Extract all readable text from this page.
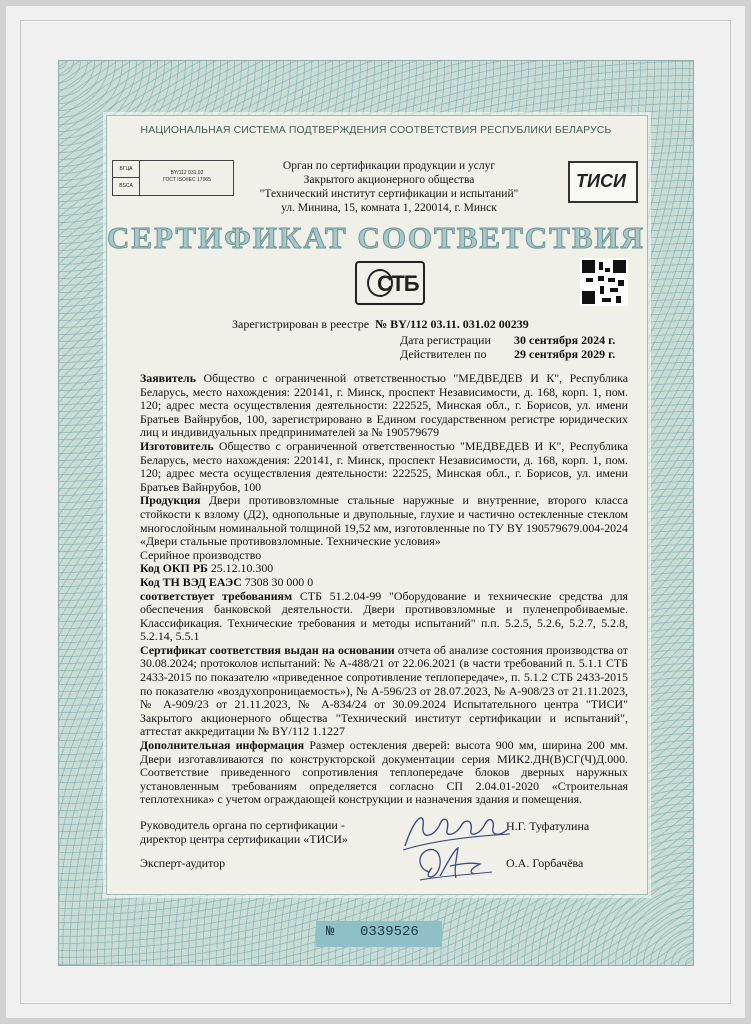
НАЦИОНАЛЬНАЯ СИСТЕМА ПОДТВЕРЖДЕНИЯ СООТВЕТСТВИЯ РЕСПУБЛИКИ БЕЛАРУСЬ
БГЦА
BSCA
BY/112 031.02
ГОСТ ISO/IEC 17065
Орган по сертификации продукции и услуг
Закрытого акционерного общества
"Технический институт сертификации и испытаний"
ул. Минина, 15, комната 1, 220014, г. Минск
ТИСИ
СЕРТИФИКАТ СООТВЕТСТВИЯ
СТБ
Зарегистрирован в реестре № BY/112 03.11. 031.02 00239
Дата регистрации	30 сентября 2024 г.
Действителен по	29 сентября 2029 г.

Заявитель Общество с ограниченной ответственностью "МЕДВЕДЕВ И К", Республика Беларусь, место нахождения: 220141, г. Минск, проспект Независимости, д. 168, корп. 1, пом. 120; адрес места осуществления деятельности: 222525, Минская обл., г. Борисов, ул. имени Братьев Вайнрубов, 100, зарегистрировано в Едином государственном регистре юридических лиц и индивидуальных предпринимателей за № 190579679

Изготовитель Общество с ограниченной ответственностью "МЕДВЕДЕВ И К", Республика Беларусь, место нахождения: 220141, г. Минск, проспект Независимости, д. 168, корп. 1, пом. 120; адрес места осуществления деятельности: 222525, Минская обл., г. Борисов, ул. имени Братьев Вайнрубов, 100

Продукция Двери противовзломные стальные наружные и внутренние, второго класса стойкости к взлому (Д2), однопольные и двупольные, глухие и частично остекленные стеклом многослойным номинальной толщиной 19,52 мм, изготовленные по ТУ BY 190579679.004-2024 «Двери стальные противовзломные. Технические условия»

Серийное производство

Код ОКП РБ 25.12.10.300

Код ТН ВЭД ЕАЭС 7308 30 000 0

соответствует требованиям СТБ 51.2.04-99 "Оборудование и технические средства для обеспечения банковской деятельности. Двери противовзломные и пуленепробиваемые. Классификация. Технические требования и методы испытаний" п.п. 5.2.5, 5.2.6, 5.2.7, 5.2.8, 5.2.14, 5.5.1

Сертификат соответствия выдан на основании отчета об анализе состояния производства от 30.08.2024; протоколов испытаний: № А-488/21 от 22.06.2021 (в части требований п. 5.1.1 СТБ 2433-2015 по показателю «приведенное сопротивление теплопередаче», п. 5.1.2 СТБ 2433-2015 по показателю «воздухопроницаемость»), № А-596/23 от 28.07.2023, № А-908/23 от 21.11.2023, № А-909/23 от 21.11.2023, № А-834/24 от 30.09.2024 Испытательного центра "ТИСИ" Закрытого акционерного общества "Технический институт сертификации и испытаний", аттестат аккредитации № BY/112 1.1227

Дополнительная информация Размер остекления дверей: высота 900 мм, ширина 200 мм. Двери изготавливаются по конструкторской документации серия МИК2.ДН(В)СГ(Ч)Д.000. Соответствие приведенного сопротивления теплопередаче блоков дверных наружных установленным требованиям определяется согласно СП 2.04.01-2020 «Строительная теплотехника» с учетом ограждающей конструкции и назначения здания и помещения.

Руководитель органа по сертификации -
директор центра сертификации «ТИСИ»
Н.Г. Туфатулина
Эксперт-аудитор	О.А. Горбачёва
№ 0339526
